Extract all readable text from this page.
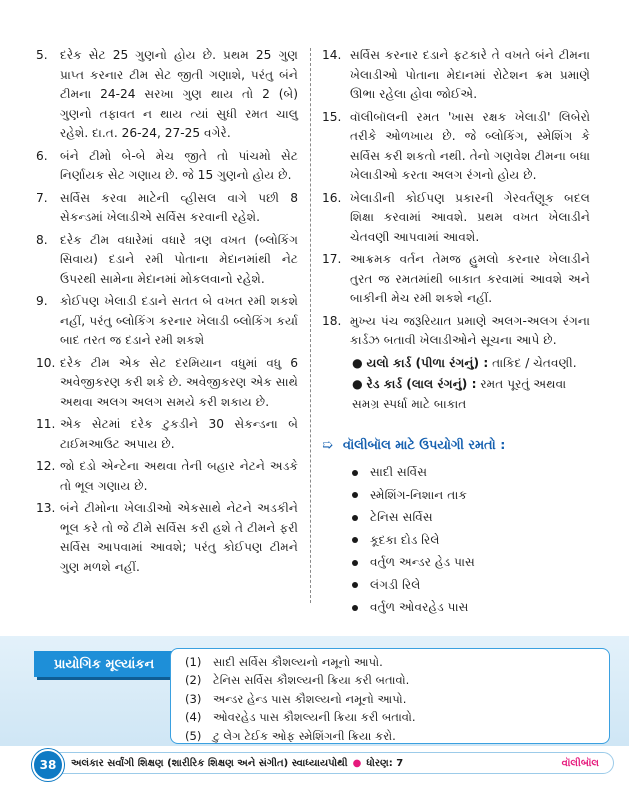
5.	દરેક સેટ 25 ગુણનો હોય છે. પ્રથમ 25 ગુણ પ્રાપ્ત કરનાર ટીમ સેટ જીતી ગણાશે, પરંતુ બંને ટીમના 24-24 સરખા ગુણ થાય તો 2 (બે) ગુણનો તફાવત ન થાય ત્યાં સુધી રમત ચાલુ રહેશે. દા.ત. 26-24, 27-25 વગેરે.
6.	બંને ટીમો બે-બે મેચ જીતે તો પાંચમો સેટ નિર્ણાયક સેટ ગણાય છે. જે 15 ગુણનો હોય છે.
7.	સર્વિસ કરવા માટેની વ્હીસલ વાગે પછી 8 સેકન્ડમાં ખેલાડીએ સર્વિસ કરવાની રહેશે.
8.	દરેક ટીમ વધારેમાં વધારે ત્રણ વખત (બ્લોકિંગ સિવાય) દડાને રમી પોતાના મેદાનમાંથી નેટ ઉપરથી સામેના મેદાનમાં મોકલવાનો રહેશે.
9.	કોઈપણ ખેલાડી દડાને સતત બે વખત રમી શકશે નહીં, પરંતુ બ્લોકિંગ કરનાર ખેલાડી બ્લોકિંગ કર્યા બાદ તરત જ દડાને રમી શકશે
10. દરેક ટીમ એક સેટ દરમિયાન વધુમાં વધુ 6 અવેજીકરણ કરી શકે છે. અવેજીકરણ એક સાથે અથવા અલગ અલગ સમયે કરી શકાય છે.
11. એક સેટમાં દરેક ટુકડીને 30 સેકન્ડના બે ટાઈમઆઉટ અપાય છે.
12. જો દડો એન્ટેના અથવા તેની બહાર નેટને અડકે તો ભૂલ ગણાય છે.
13. બંને ટીમોના ખેલાડીઓ એકસાથે નેટને અડકીને ભૂલ કરે તો જે ટીમે સર્વિસ કરી હશે તે ટીમને ફરી સર્વિસ આપવામાં આવશે; પરંતુ કોઈપણ ટીમને ગુણ મળશે નહીં.
14. સર્વિસ કરનાર દડાને ફટકારે તે વખતે બંને ટીમના ખેલાડીઓ પોતાના મેદાનમાં રોટેશન ક્રમ પ્રમાણે ઊભા રહેલા હોવા જોઈએ.
15. વૉલીબૉલની રમત 'ખાસ રક્ષક ખેલાડી' લિબેરો તરીકે ઓળખાય છે. જે બ્લોકિંગ, સ્મેશિંગ કે સર્વિસ કરી શકતો નથી. તેનો ગણવેશ ટીમના બધા ખેલાડીઓ કરતા અલગ રંગનો હોય છે.
16. ખેલાડીની કોઈપણ પ્રકારની ગેરવર્તણૂક બદલ શિક્ષા કરવામાં આવશે. પ્રથમ વખત ખેલાડીને ચેતવણી આપવામાં આવશે.
17. આક્રમક વર્તન તેમજ હુમલો કરનાર ખેલાડીને તુરત જ રમતમાંથી બાકાત કરવામાં આવશે અને બાકીની મેચ રમી શકશે નહીં.
18. મુખ્ય પંચ જરૂરિયાત પ્રમાણે અલગ-અલગ રંગના કાર્ડઝ બતાવી ખેલાડીઓને સૂચના આપે છે.
● યલો કાર્ડ (પીળા રંગનું) : તાકિદ / ચેતવણી.
● રેડ કાર્ડ (લાલ રંગનું) : રમત પૂરતું અથવા સમગ્ર સ્પર્ધા માટે બાકાત
➯ વૉલીબૉલ માટે ઉપયોગી રમતો :
સાદી સર્વિસ
સ્મેશિંગ-નિશાન તાક
ટેનિસ સર્વિસ
કૂદકા દોડ રિલે
વર્તુળ અન્ડર હેડ પાસ
લંગડી રિલે
વર્તુળ ઓવરહેડ પાસ
પ્રાયોગિક મૂલ્યાંકન	(1) સાદી સર્વિસ કૌશલ્યનો નમૂનો આપો.
(2) ટેનિસ સર્વિસ કૌશલ્યની ક્રિયા કરી બતાવો.
(3) અન્ડર હેન્ડ પાસ કૌશલ્યનો નમૂનો આપો.
(4) ઓવરહેડ પાસ કૌશલ્યની ક્રિયા કરી બતાવો.
(5) ટુ લેગ ટેઈક ઓફ સ્મેશિંગની ક્રિયા કરો.
અલંકાર સર્વાંગી શિક્ષણ (શારીરિક શિક્ષણ અને સંગીત) સ્વાધ્યાયપોથી ● ધોરણ: 7	વૉલીબૉલ
38
